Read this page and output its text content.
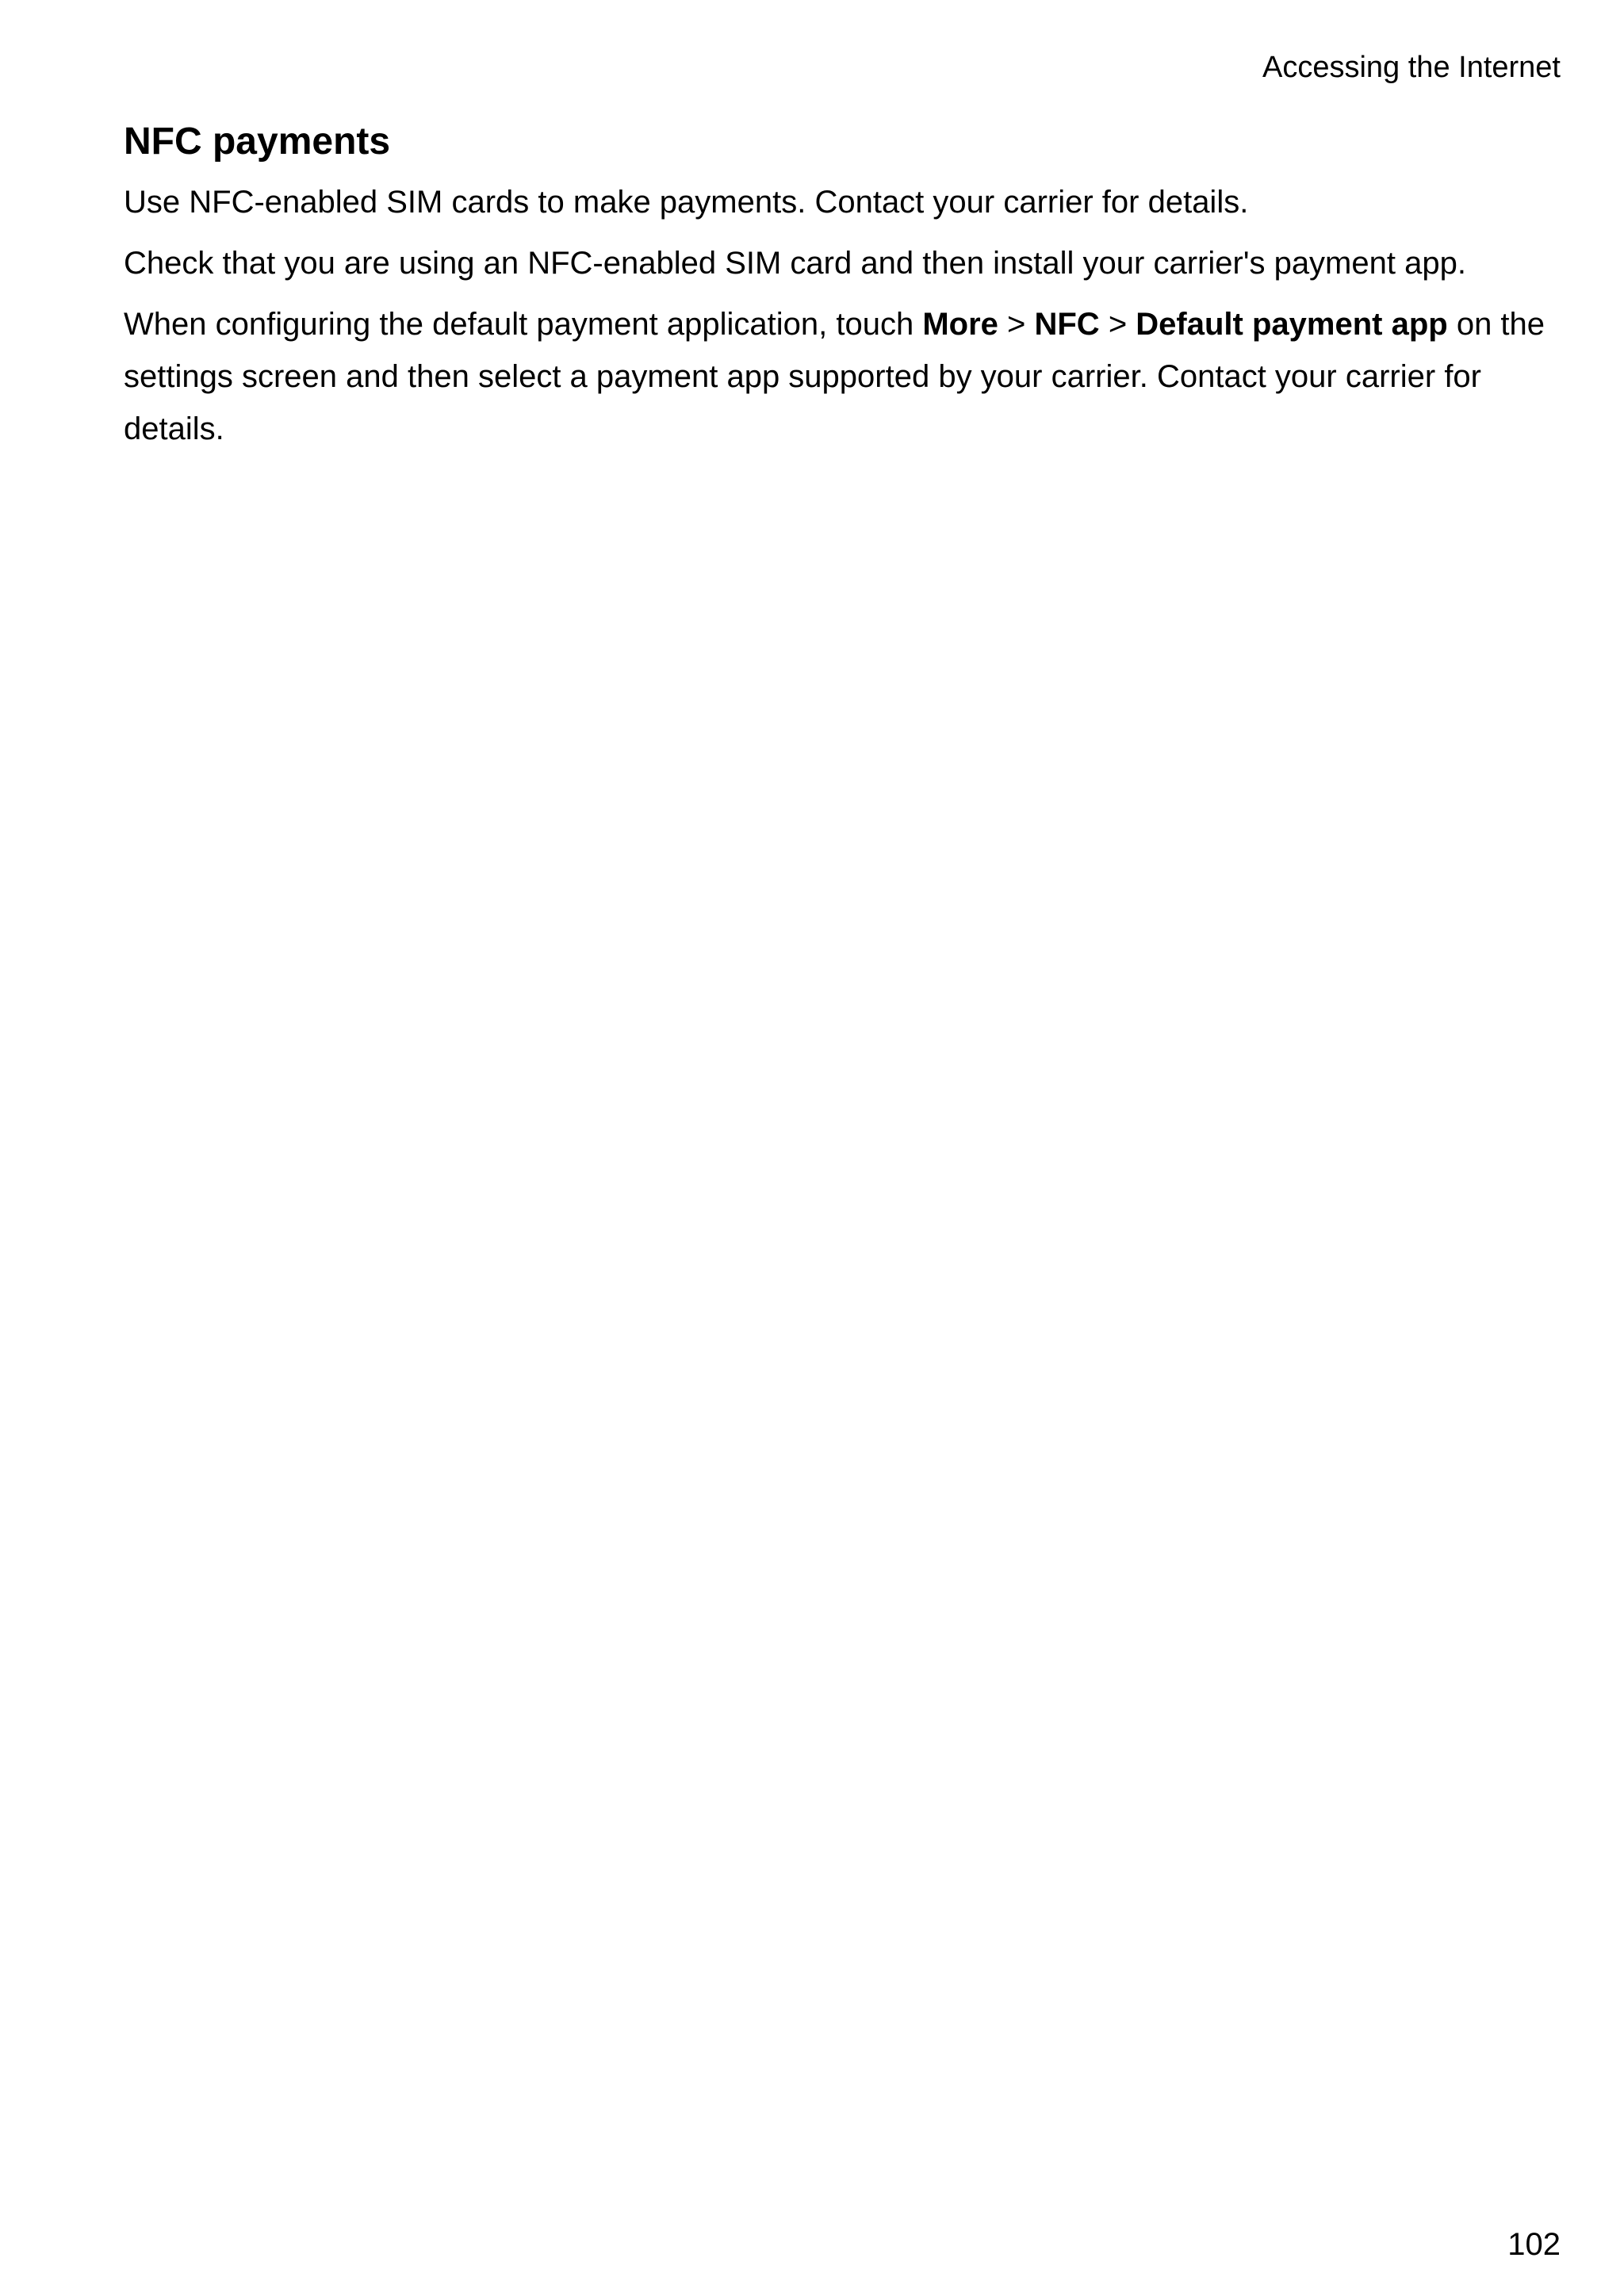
Accessing the Internet
NFC payments

Use NFC-enabled SIM cards to make payments. Contact your carrier for details.

Check that you are using an NFC-enabled SIM card and then install your carrier's payment app.

When configuring the default payment application, touch More > NFC > Default payment app on the settings screen and then select a payment app supported by your carrier. Contact your carrier for details.

102
